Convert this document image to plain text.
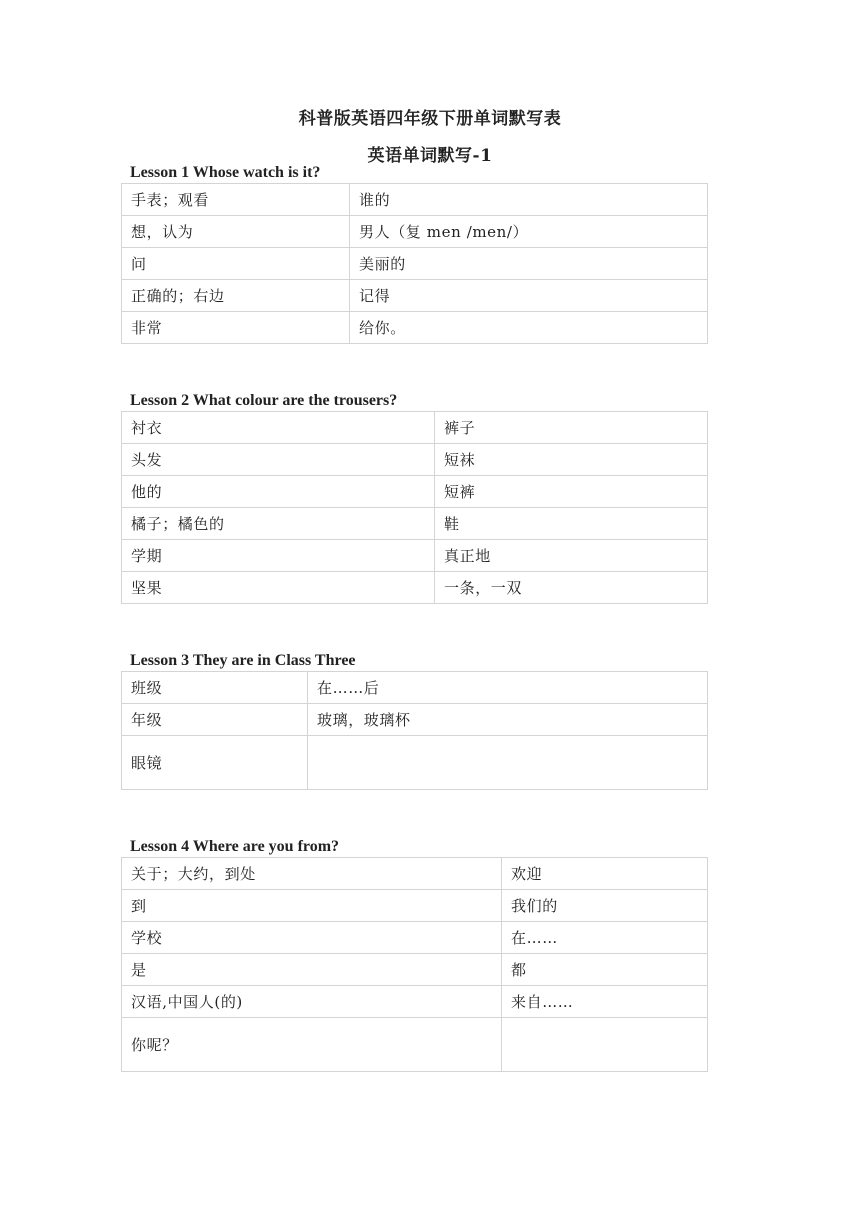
科普版英语四年级下册单词默写表
英语单词默写-1
Lesson 1 Whose watch is it?
手表；观看	谁的
想，认为	男人（复 men /men/）
问	美丽的
正确的；右边	记得
非常	给你。
Lesson 2 What colour are the trousers?
衬衣	裤子
头发	短袜
他的	短裤
橘子；橘色的	鞋
学期	真正地
坚果	一条，一双
Lesson 3 They are in Class Three
班级	在……后
年级	玻璃，玻璃杯
眼镜	
Lesson 4 Where are you from?
关于；大约，到处	欢迎
到	我们的
学校	在……
是	都
汉语,中国人(的)	来自……
你呢？	
